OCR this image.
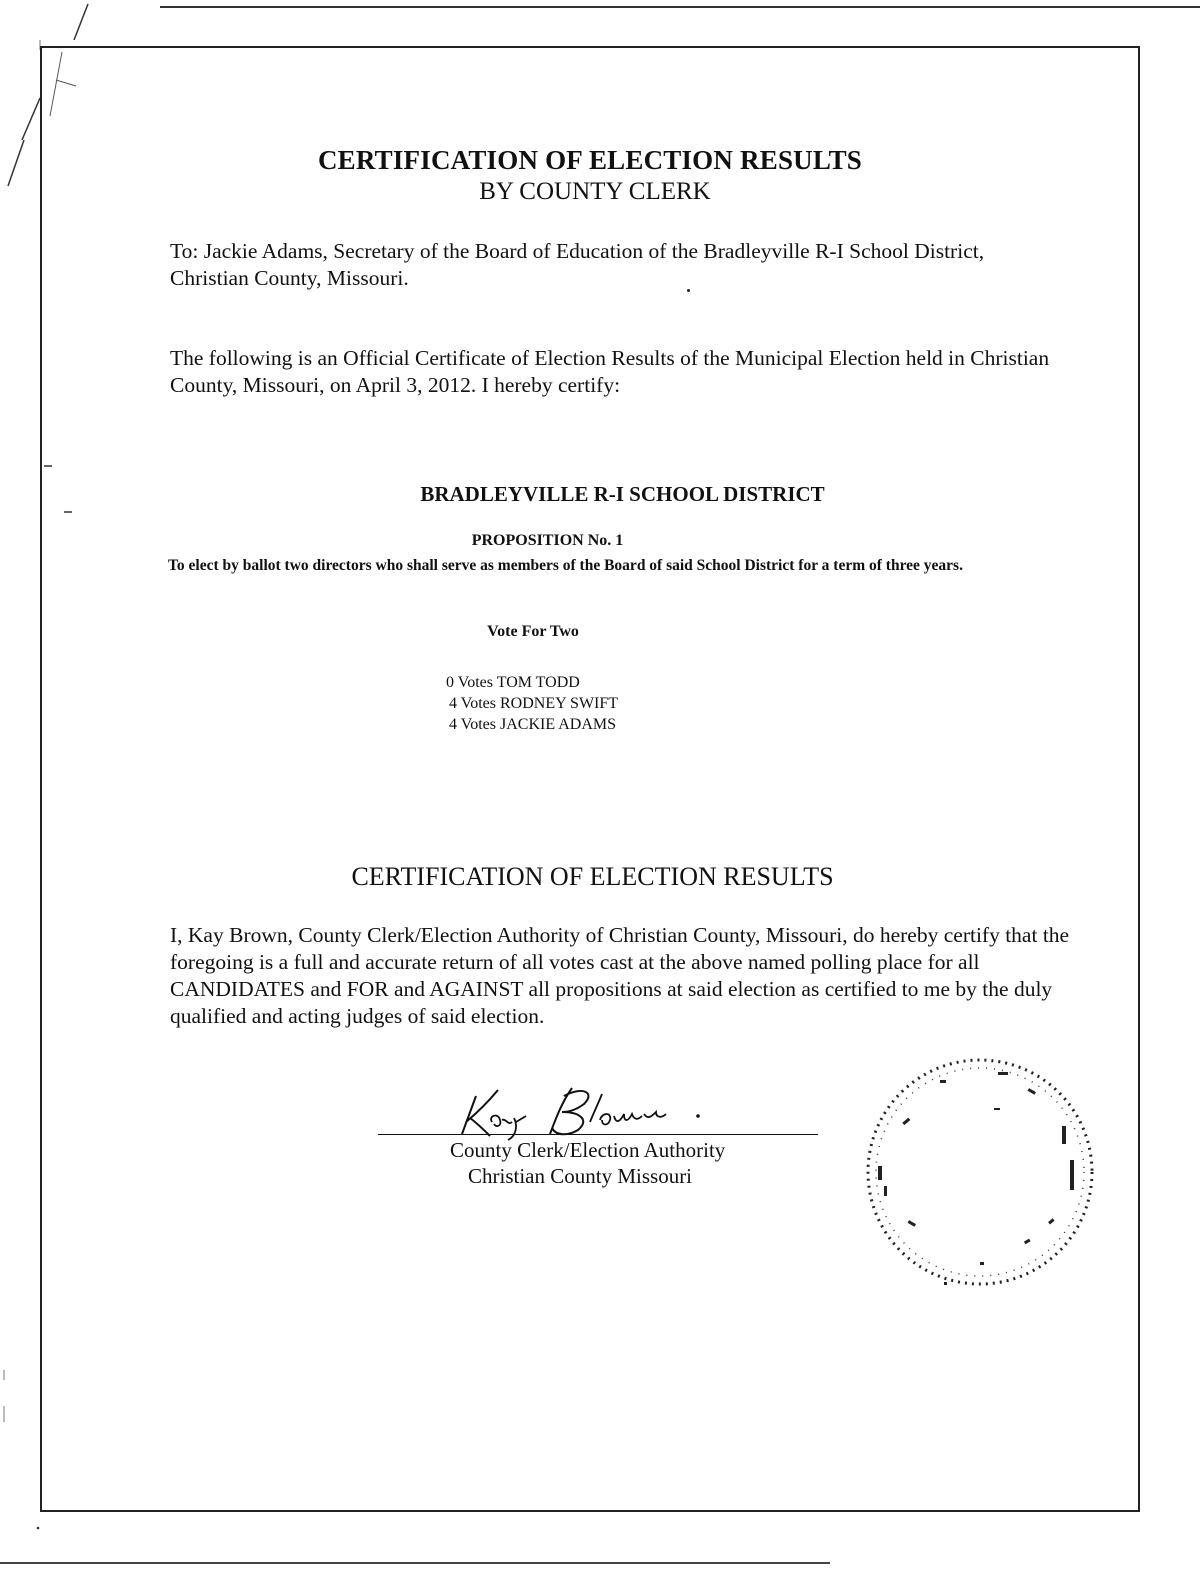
CERTIFICATION OF ELECTION RESULTS
BY COUNTY CLERK

To: Jackie Adams, Secretary of the Board of Education of the Bradleyville R-I School District, Christian County, Missouri.

The following is an Official Certificate of Election Results of the Municipal Election held in Christian County, Missouri, on April 3, 2012. I hereby certify:

BRADLEYVILLE R-I SCHOOL DISTRICT
PROPOSITION No. 1

To elect by ballot two directors who shall serve as members of the Board of said School District for a term of three years.

Vote For Two
0 Votes TOM TODD
4 Votes RODNEY SWIFT
4 Votes JACKIE ADAMS
CERTIFICATION OF ELECTION RESULTS

I, Kay Brown, County Clerk/Election Authority of Christian County, Missouri, do hereby certify that the foregoing is a full and accurate return of all votes cast at the above named polling place for all CANDIDATES and FOR and AGAINST all propositions at said election as certified to me by the duly qualified and acting judges of said election.

County Clerk/Election Authority
Christian County Missouri
